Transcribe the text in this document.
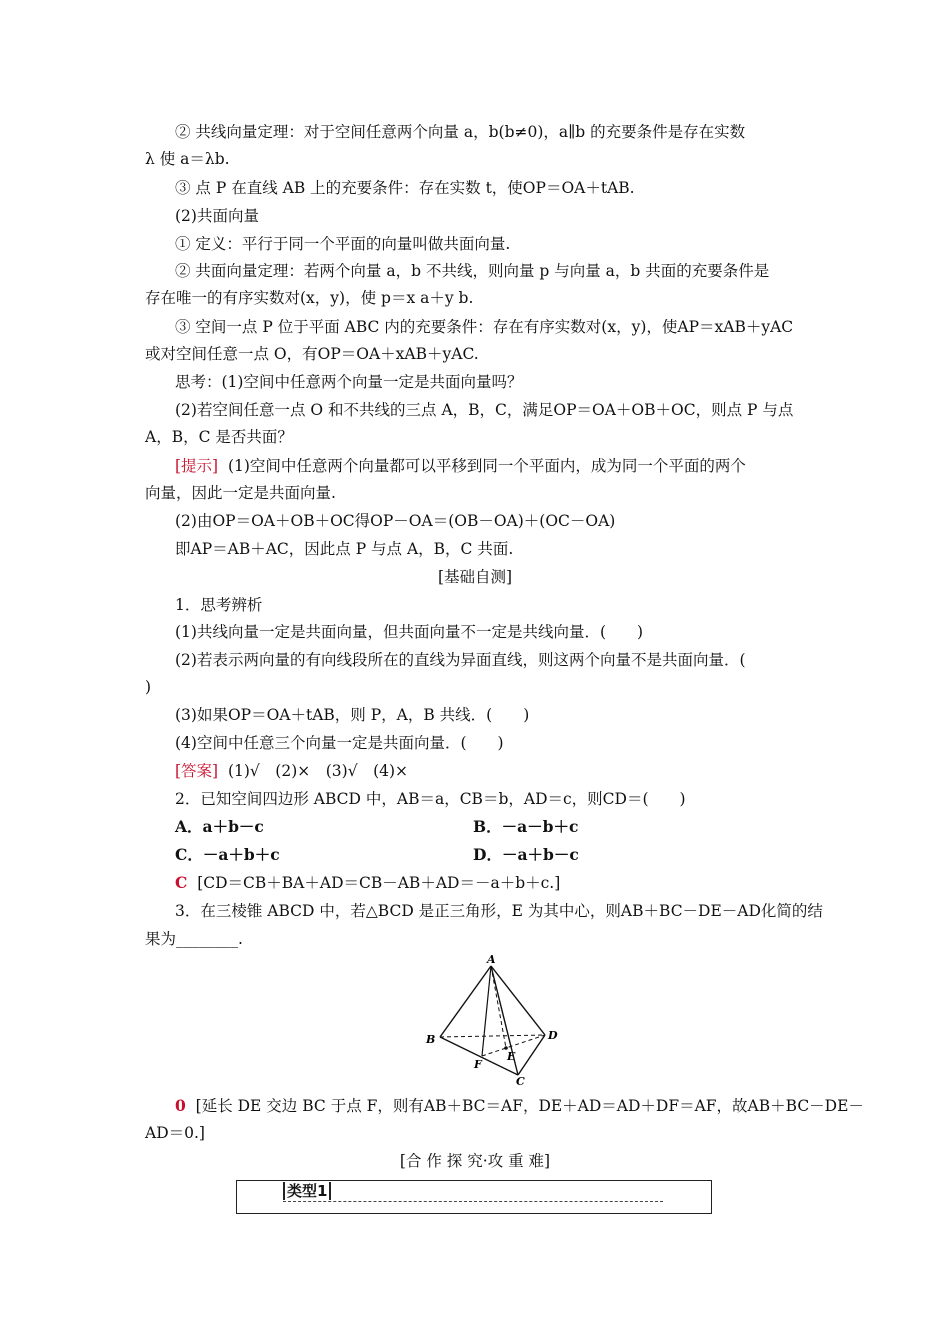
② 共线向量定理：对于空间任意两个向量 a，b(b≠0)，a∥b 的充要条件是存在实数
λ 使 a＝λb.
③ 点 P 在直线 AB 上的充要条件：存在实数 t，使OP＝OA＋tAB.
(2)共面向量
① 定义：平行于同一个平面的向量叫做共面向量.
② 共面向量定理：若两个向量 a，b 不共线，则向量 p 与向量 a，b 共面的充要条件是
存在唯一的有序实数对(x，y)，使 p＝x a＋y b.
③ 空间一点 P 位于平面 ABC 内的充要条件：存在有序实数对(x，y)，使AP＝xAB＋yAC
或对空间任意一点 O，有OP＝OA＋xAB＋yAC.
思考：(1)空间中任意两个向量一定是共面向量吗？
(2)若空间任意一点 O 和不共线的三点 A，B，C，满足OP＝OA＋OB＋OC，则点 P 与点
A，B，C 是否共面？
[提示] (1)空间中任意两个向量都可以平移到同一个平面内，成为同一个平面的两个
向量，因此一定是共面向量.
(2)由OP＝OA＋OB＋OC得OP－OA＝(OB－OA)＋(OC－OA)
即AP＝AB＋AC，因此点 P 与点 A，B，C 共面.
[基础自测]
1．思考辨析
(1)共线向量一定是共面向量，但共面向量不一定是共线向量．(　　)
(2)若表示两向量的有向线段所在的直线为异面直线，则这两个向量不是共面向量．(
)
(3)如果OP＝OA＋tAB，则 P，A，B 共线．(　　)
(4)空间中任意三个向量一定是共面向量．(　　)
[答案] (1)√　(2)×　(3)√　(4)×
2．已知空间四边形 ABCD 中，AB＝a，CB＝b，AD＝c，则CD＝(　　)
A．a＋b－c	B．－a－b＋c
C．－a＋b＋c	D．－a＋b－c
C [CD＝CB＋BA＋AD＝CB－AB＋AD＝－a＋b＋c.]
3．在三棱锥 ABCD 中，若△BCD 是正三角形，E 为其中心，则AB＋BC－DE－AD化简的结
果为________.
A
B
C
D
E
F
0 [延长 DE 交边 BC 于点 F，则有AB＋BC＝AF，DE＋AD＝AD＋DF＝AF，故AB＋BC－DE－
AD＝0.]
[合 作 探 究·攻 重 难]
类型1
